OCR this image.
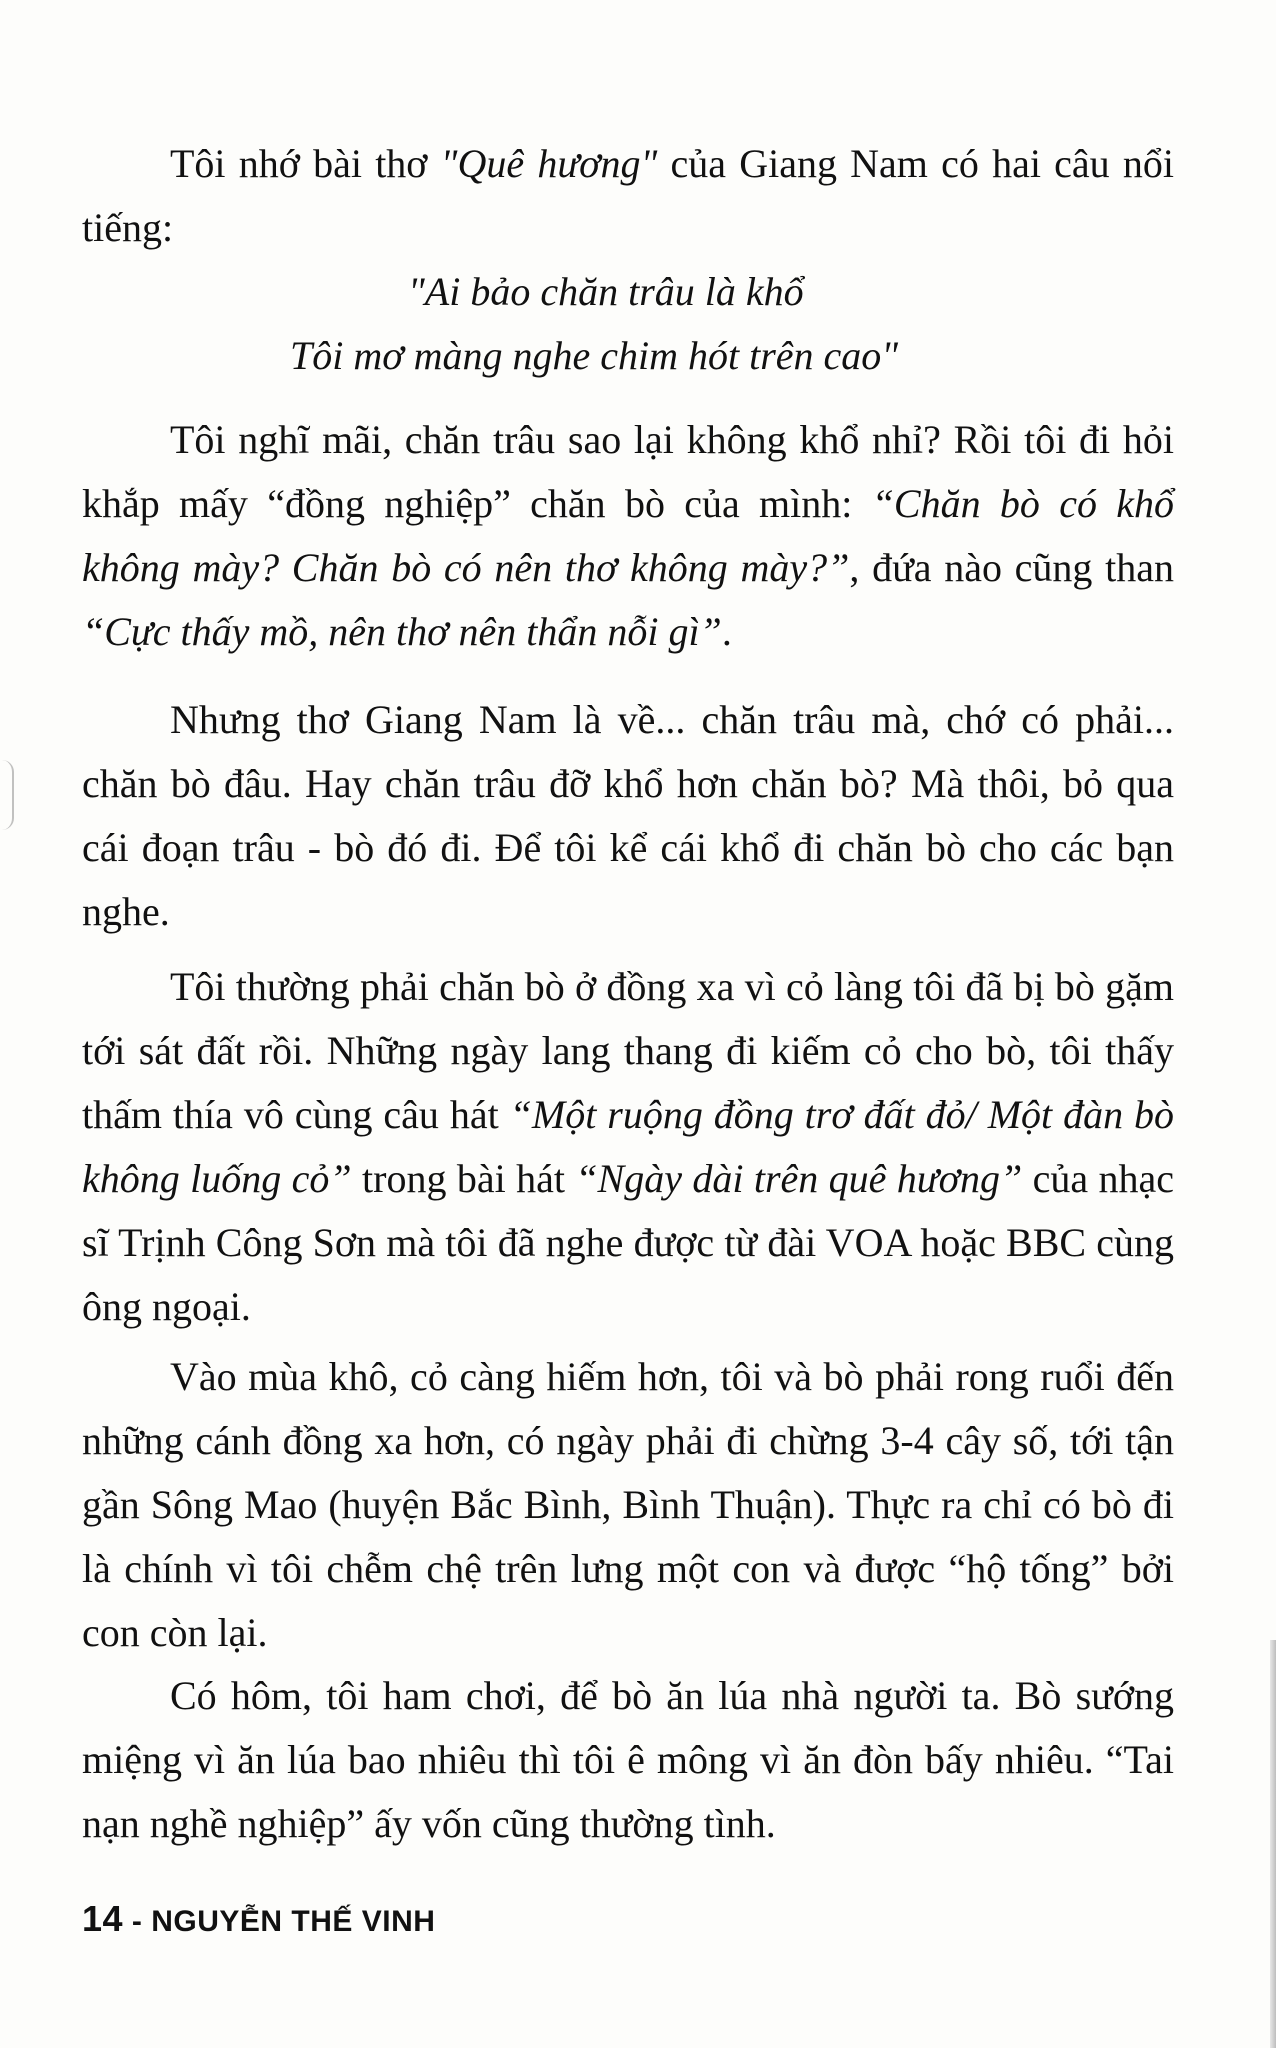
Tôi nhớ bài thơ "Quê hương" của Giang Nam có hai câu nổi tiếng:

"Ai bảo chăn trâu là khổ
Tôi mơ màng nghe chim hót trên cao"

Tôi nghĩ mãi, chăn trâu sao lại không khổ nhỉ? Rồi tôi đi hỏi khắp mấy “đồng nghiệp” chăn bò của mình: “Chăn bò có khổ không mày? Chăn bò có nên thơ không mày?”, đứa nào cũng than “Cực thấy mồ, nên thơ nên thẩn nỗi gì”.

Nhưng thơ Giang Nam là về... chăn trâu mà, chớ có phải... chăn bò đâu. Hay chăn trâu đỡ khổ hơn chăn bò? Mà thôi, bỏ qua cái đoạn trâu - bò đó đi. Để tôi kể cái khổ đi chăn bò cho các bạn nghe.

Tôi thường phải chăn bò ở đồng xa vì cỏ làng tôi đã bị bò gặm tới sát đất rồi. Những ngày lang thang đi kiếm cỏ cho bò, tôi thấy thấm thía vô cùng câu hát “Một ruộng đồng trơ đất đỏ/ Một đàn bò không luống cỏ” trong bài hát “Ngày dài trên quê hương” của nhạc sĩ Trịnh Công Sơn mà tôi đã nghe được từ đài VOA hoặc BBC cùng ông ngoại.

Vào mùa khô, cỏ càng hiếm hơn, tôi và bò phải rong ruổi đến những cánh đồng xa hơn, có ngày phải đi chừng 3-4 cây số, tới tận gần Sông Mao (huyện Bắc Bình, Bình Thuận). Thực ra chỉ có bò đi là chính vì tôi chễm chệ trên lưng một con và được “hộ tống” bởi con còn lại.

Có hôm, tôi ham chơi, để bò ăn lúa nhà người ta. Bò sướng miệng vì ăn lúa bao nhiêu thì tôi ê mông vì ăn đòn bấy nhiêu. “Tai nạn nghề nghiệp” ấy vốn cũng thường tình.

14 - NGUYỄN THẾ VINH
